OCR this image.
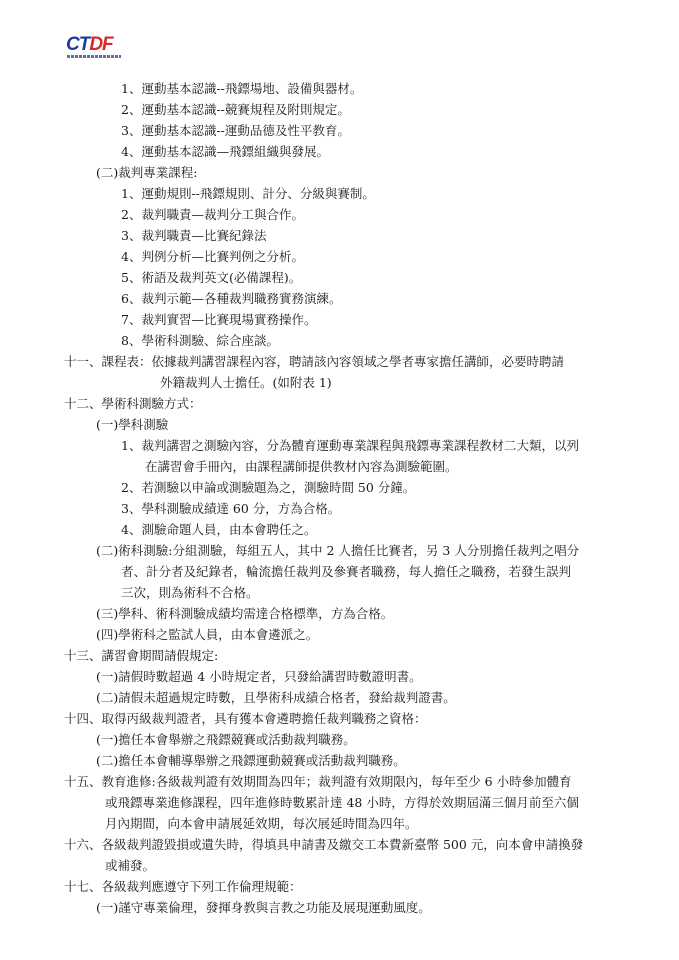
CTDF
1、運動基本認識--飛鏢場地、設備與器材。
2、運動基本認識--競賽規程及附則規定。
3、運動基本認識--運動品德及性平教育。
4、運動基本認識—飛鏢組織與發展。
(二)裁判專業課程:
1、運動規則--飛鏢規則、計分、分級與賽制。
2、裁判職責—裁判分工與合作。
3、裁判職責—比賽紀錄法
4、判例分析—比賽判例之分析。
5、術語及裁判英文(必備課程)。
6、裁判示範—各種裁判職務實務演練。
7、裁判實習—比賽現場實務操作。
8、學術科測驗、綜合座談。
十一、課程表：依據裁判講習課程內容，聘請該內容領域之學者專家擔任講師，必要時聘請
外籍裁判人士擔任。(如附表 1)
十二、學術科測驗方式：
(一)學科測驗
1、裁判講習之測驗內容，分為體育運動專業課程與飛鏢專業課程教材二大類，以列
在講習會手冊內，由課程講師提供教材內容為測驗範圍。
2、若測驗以申論或測驗題為之，測驗時間 50 分鐘。
3、學科測驗成績達 60 分，方為合格。
4、測驗命題人員，由本會聘任之。
(二)術科測驗:分組測驗，每組五人，其中 2 人擔任比賽者，另 3 人分別擔任裁判之唱分
者、計分者及紀錄者，輪流擔任裁判及參賽者職務，每人擔任之職務，若發生誤判
三次，則為術科不合格。
(三)學科、術科測驗成績均需達合格標準，方為合格。
(四)學術科之監試人員，由本會遴派之。
十三、講習會期間請假規定:
(一)請假時數超過 4 小時規定者，只發給講習時數證明書。
(二)請假未超過規定時數，且學術科成績合格者，發給裁判證書。
十四、取得丙級裁判證者，具有獲本會遴聘擔任裁判職務之資格：
(一)擔任本會舉辦之飛鏢競賽或活動裁判職務。
(二)擔任本會輔導舉辦之飛鏢運動競賽或活動裁判職務。
十五、教育進修:各級裁判證有效期間為四年；裁判證有效期限內，每年至少 6 小時參加體育
或飛鏢專業進修課程，四年進修時數累計達 48 小時，方得於效期屆滿三個月前至六個
月內期間，向本會申請展延效期，每次展延時間為四年。
十六、各級裁判證毀損或遺失時，得填具申請書及繳交工本費新臺幣 500 元，向本會申請換發
或補發。
十七、各級裁判應遵守下列工作倫理規範：
(一)謹守專業倫理，發揮身教與言教之功能及展現運動風度。
